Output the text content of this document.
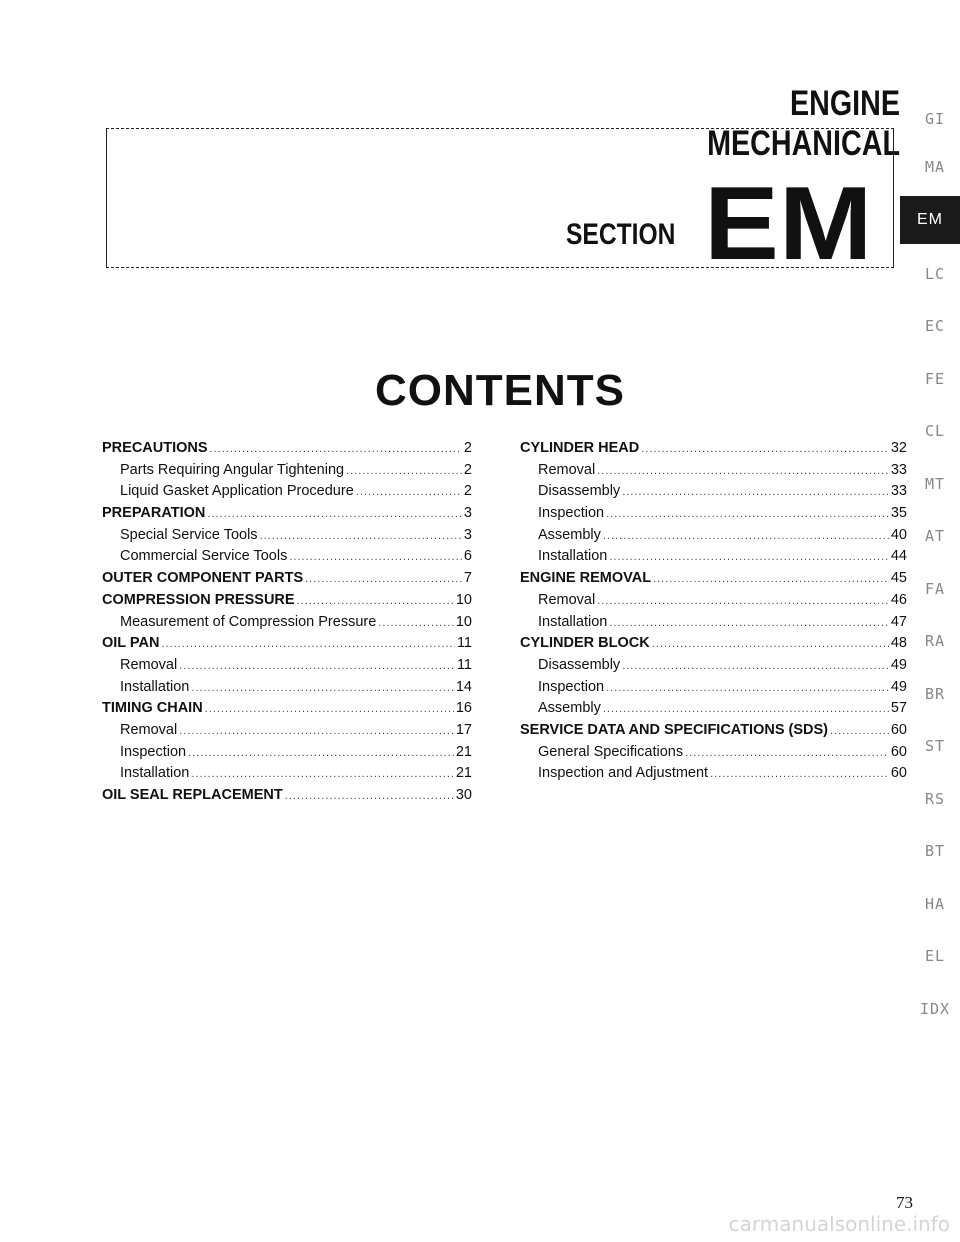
ENGINE MECHANICAL
SECTION EM
CONTENTS
PRECAUTIONS .....	2
Parts Requiring Angular Tightening .....	2
Liquid Gasket Application Procedure .....	2
PREPARATION .....	3
Special Service Tools .....	3
Commercial Service Tools .....	6
OUTER COMPONENT PARTS .....	7
COMPRESSION PRESSURE .....	10
Measurement of Compression Pressure .....	10
OIL PAN .....	11
Removal .....	11
Installation .....	14
TIMING CHAIN .....	16
Removal .....	17
Inspection .....	21
Installation .....	21
OIL SEAL REPLACEMENT .....	30
CYLINDER HEAD .....	32
Removal .....	33
Disassembly .....	33
Inspection .....	35
Assembly .....	40
Installation .....	44
ENGINE REMOVAL .....	45
Removal .....	46
Installation .....	47
CYLINDER BLOCK .....	48
Disassembly .....	49
Inspection .....	49
Assembly .....	57
SERVICE DATA AND SPECIFICATIONS (SDS) .....	60
General Specifications .....	60
Inspection and Adjustment .....	60
GI
MA
EM
LC
EC
FE
CL
MT
AT
FA
RA
BR
ST
RS
BT
HA
EL
IDX
73
carmanualsonline.info
